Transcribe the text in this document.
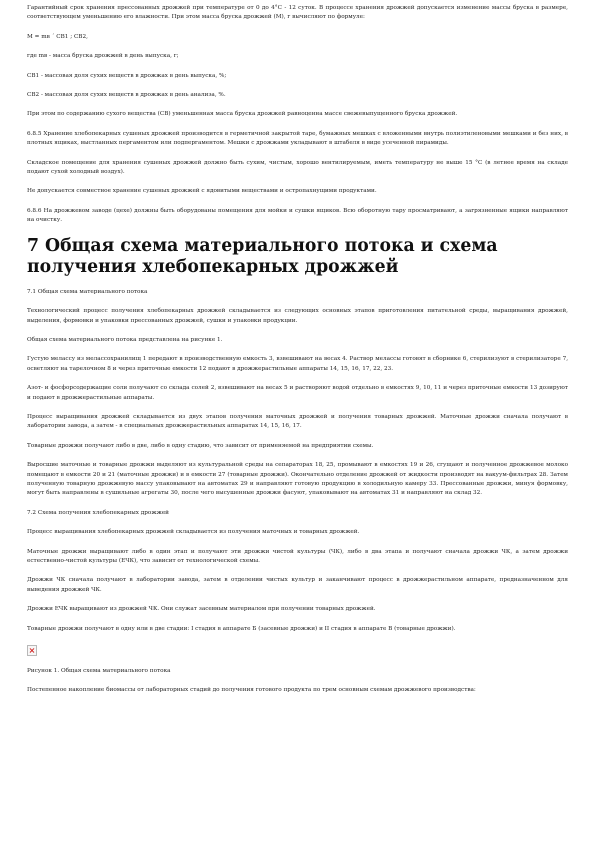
Гарантийный срок хранения прессованных дрожжей при температуре от 0 до 4°С - 12 суток. В процессе хранения дрожжей допускается изменение массы бруска в размере, соответствующем уменьшению его влажности. При этом масса бруска дрожжей (М), г вычисляют по формуле:

М = mв ´ СВ1 ; СВ2,

где mв - масса бруска дрожжей в день выпуска, г;

СВ1 - массовая доля сухих веществ в дрожжах в день выпуска, %;

СВ2 - массовая доля сухих веществ в дрожжах в день анализа, %.

При этом по содержанию сухого вещества (СВ) уменьшенная масса бруска дрожжей равноценна массе свежевыпущенного бруска дрожжей.

6.8.5 Хранение хлебопекарных сушеных дрожжей производится в герметичной закрытой таре, бумажных мешках с вложенными внутрь полиэтиленовыми мешками и без них, в плотных ящиках, выстланных пергаментом или подпергаментом. Мешки с дрожжами укладывают в штабеля в виде усеченной пирамиды.

Складское помещение для хранения сушеных дрожжей должно быть сухим, чистым, хорошо вентилируемым, иметь температуру не выше 15 °С (в летнее время на складе подают сухой холодный воздух).

Не допускается совместное хранение сушеных дрожжей с ядовитыми веществами и остропахнущими продуктами.

6.8.6 На дрожжевом заводе (цехе) должны быть оборудованы помещения для мойки и сушки ящиков. Всю оборотную тару просматривают, а загрязненные ящики направляют на очистку.

7 Общая схема материального потока и схема получения хлебопекарных дрожжей

7.1 Общая схема материального потока

Технологический процесс получения хлебопекарных дрожжей складывается из следующих основных этапов приготовления питательной среды, выращивания дрожжей, выделения, формовки и упаковки прессованных дрожжей, сушки и упаковки продукции.

Общая схема материального потока представлена на рисунке 1.

Густую мелассу из мелассохранилищ 1 передают в производственную емкость 3, взвешивают на весах 4. Раствор мелассы готовят в сборнике 6, стерилизуют в стерилизаторе 7, осветляют на тарелочном 8 и через приточные емкости 12 подают в дрожжерастильные аппараты 14, 15, 16, 17, 22, 23.

Азот- и фосфорсодержащие соли получают со склада солей 2, взвешивают на весах 5 и растворяют водой отдельно в емкостях 9, 10, 11 и через приточные емкости 13 дозируют и подают в дрожжерастильные аппараты.

Процесс выращивания дрожжей складывается из двух этапов получения маточных дрожжей и получения товарных дрожжей. Маточные дрожжи сначала получают в лаборатории завода, а затем - в специальных дрожжерастильных аппаратах 14, 15, 16, 17.

Товарные дрожжи получают либо в две, либо в одну стадию, что зависит от применяемой на предприятии схемы.

Выросшие маточные и товарные дрожжи выделяют из культуральной среды на сепараторах 18, 25, промывают в емкостях 19 и 26, сгущают и полученное дрожжевое молоко помещают в емкости 20 и 21 (маточные дрожжи) и в емкости 27 (товарные дрожжи). Окончательно отделение дрожжей от жидкости производят на вакуум-фильтрах 28. Затем полученную товарную дрожжевую массу упаковывают на автоматах 29 и направляют готовую продукцию в холодильную камеру 33. Прессованные дрожжи, минуя формовку, могут быть направлены в сушильные агрегаты 30, после чего высушенные дрожжи фасуют, упаковывают на автоматах 31 и направляют на склад 32.

7.2 Схема получения хлебопекарных дрожжей

Процесс выращивания хлебопекарных дрожжей складывается из получения маточных и товарных дрожжей.

Маточные дрожжи выращивают либо в один этап и получают эти дрожжи чистой культуры (ЧК), либо в два этапа и получают сначала дрожжи ЧК, а затем дрожжи естественно-чистой культуры (ЕЧК), что зависит от технологической схемы.

Дрожжи ЧК сначала получают в лаборатории завода, затем в отделении чистых культур и заканчивают процесс в дрожжерастильном аппарате, предназначенном для выведения дрожжей ЧК.

Дрожжи ЕЧК выращивают из дрожжей ЧК. Они служат засевным материалом при получении товарных дрожжей.

Товарные дрожжи получают в одну или в две стадии: I стадия в аппарате Б (засевные дрожжи) и II стадия в аппарате В (товарные дрожжи).

×

Рисунок 1. Общая схема материального потока

Постепенное накопление биомассы от лабораторных стадий до получения готового продукта по трем основным схемам дрожжевого производства:
